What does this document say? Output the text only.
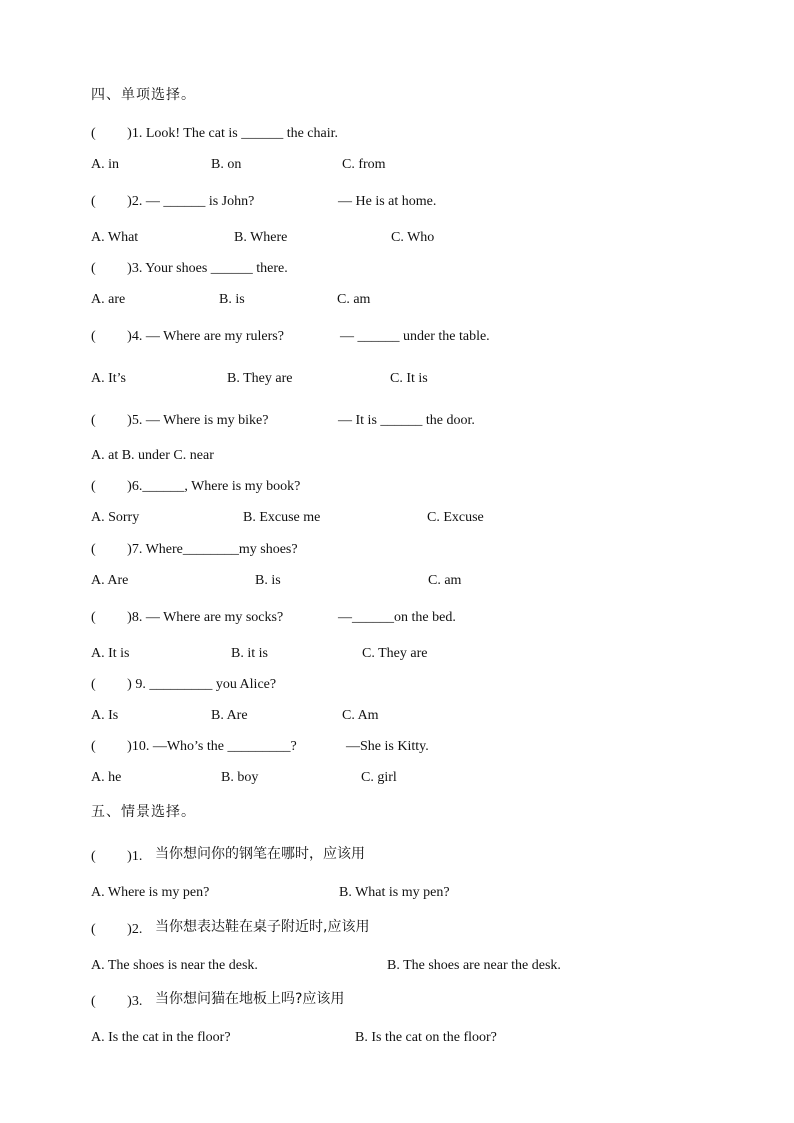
四、单项选择。
(         )1. Look! The cat is ______ the chair.
A. in	B. on	C. from
(         )2. — ______ is John?	— He is at home.
A. What	B. Where	C. Who
(         )3. Your shoes ______ there.
A. are	B. is	C. am
(         )4. — Where are my rulers?	— ______ under the table.
A. It’s	B. They are	C. It is
(         )5. — Where is my bike?	— It is ______ the door.
A. at B. under C. near
(         )6.______, Where is my book?
A. Sorry	B. Excuse me	C. Excuse
(         )7. Where________my shoes?
A. Are	B. is	C. am
(         )8. — Where are my socks?	—______on the bed.
A. It is	B. it is	C. They are
(         ) 9. _________ you Alice?
A. Is	B. Are	C. Am
(         )10. —Who’s the _________?	—She is Kitty.
A. he	B. boy	C. girl
五、情景选择。
(         )1. 当你想问你的钢笔在哪时，应该用
A. Where is my pen?	B. What is my pen?
(         )2. 当你想表达鞋在桌子附近时,应该用
A. The shoes is near the desk.	B. The shoes are near the desk.
(         )3. 当你想问猫在地板上吗?应该用
A. Is the cat in the floor?	B. Is the cat on the floor?
